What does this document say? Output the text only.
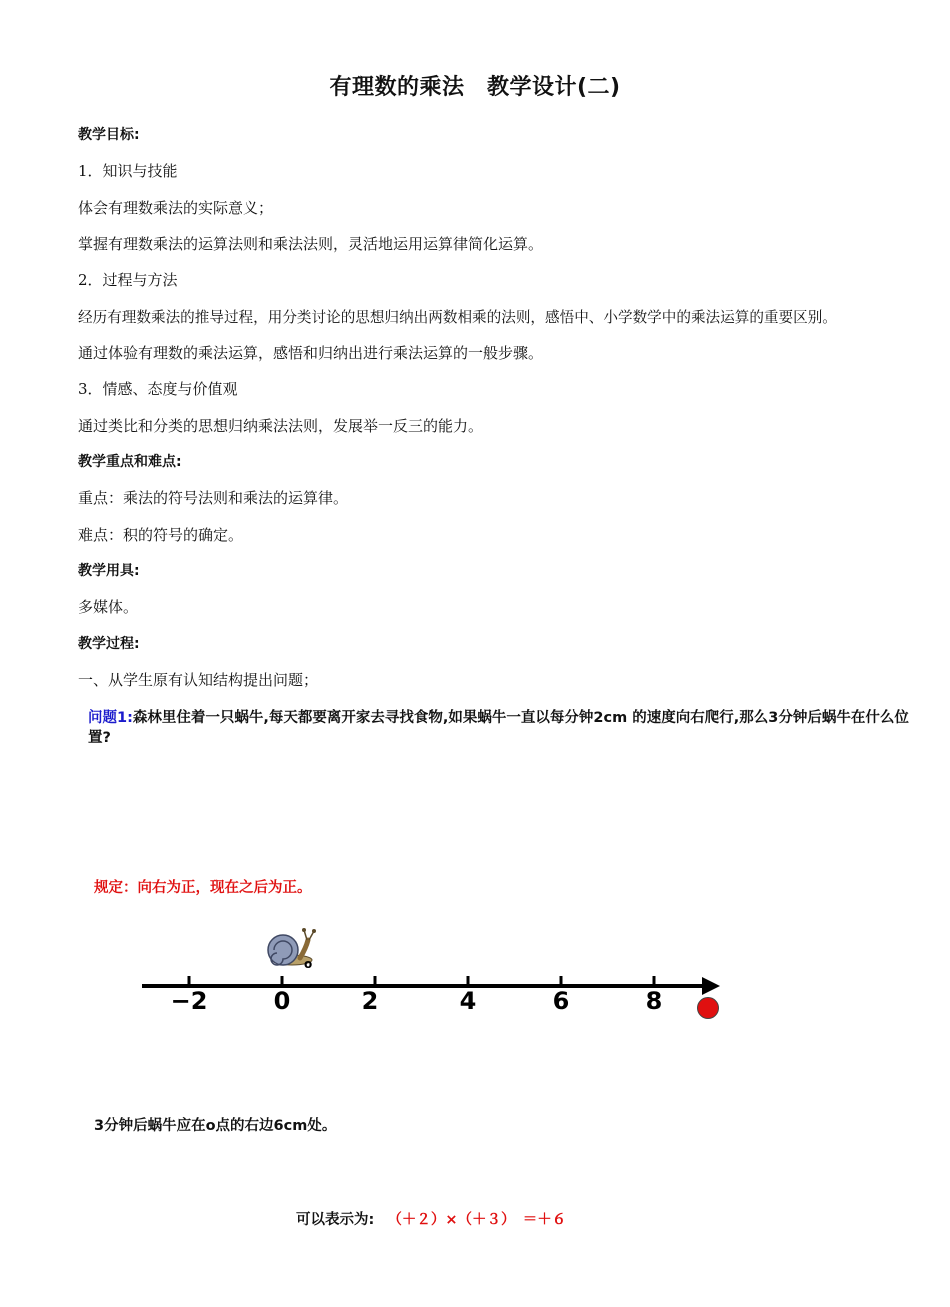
有理数的乘法　教学设计(二)
教学目标:
1．知识与技能
体会有理数乘法的实际意义；
掌握有理数乘法的运算法则和乘法法则，灵活地运用运算律简化运算。
2．过程与方法
经历有理数乘法的推导过程，用分类讨论的思想归纳出两数相乘的法则，感悟中、小学数学中的乘法运算的重要区别。
通过体验有理数的乘法运算，感悟和归纳出进行乘法运算的一般步骤。
3．情感、态度与价值观
通过类比和分类的思想归纳乘法法则，发展举一反三的能力。
教学重点和难点:
重点：乘法的符号法则和乘法的运算律。
难点：积的符号的确定。
教学用具:
多媒体。
教学过程:
一、从学生原有认知结构提出问题；
问题1:森林里住着一只蜗牛,每天都要离开家去寻找食物,如果蜗牛一直以每分钟2cm 的速度向右爬行,那么3分钟后蜗牛在什么位置?
规定：向右为正，现在之后为正。
−2	0	2	4	6	8
o
3分钟后蜗牛应在o点的右边6cm处。
可以表示为: （＋２）×（＋３）　＝＋６
